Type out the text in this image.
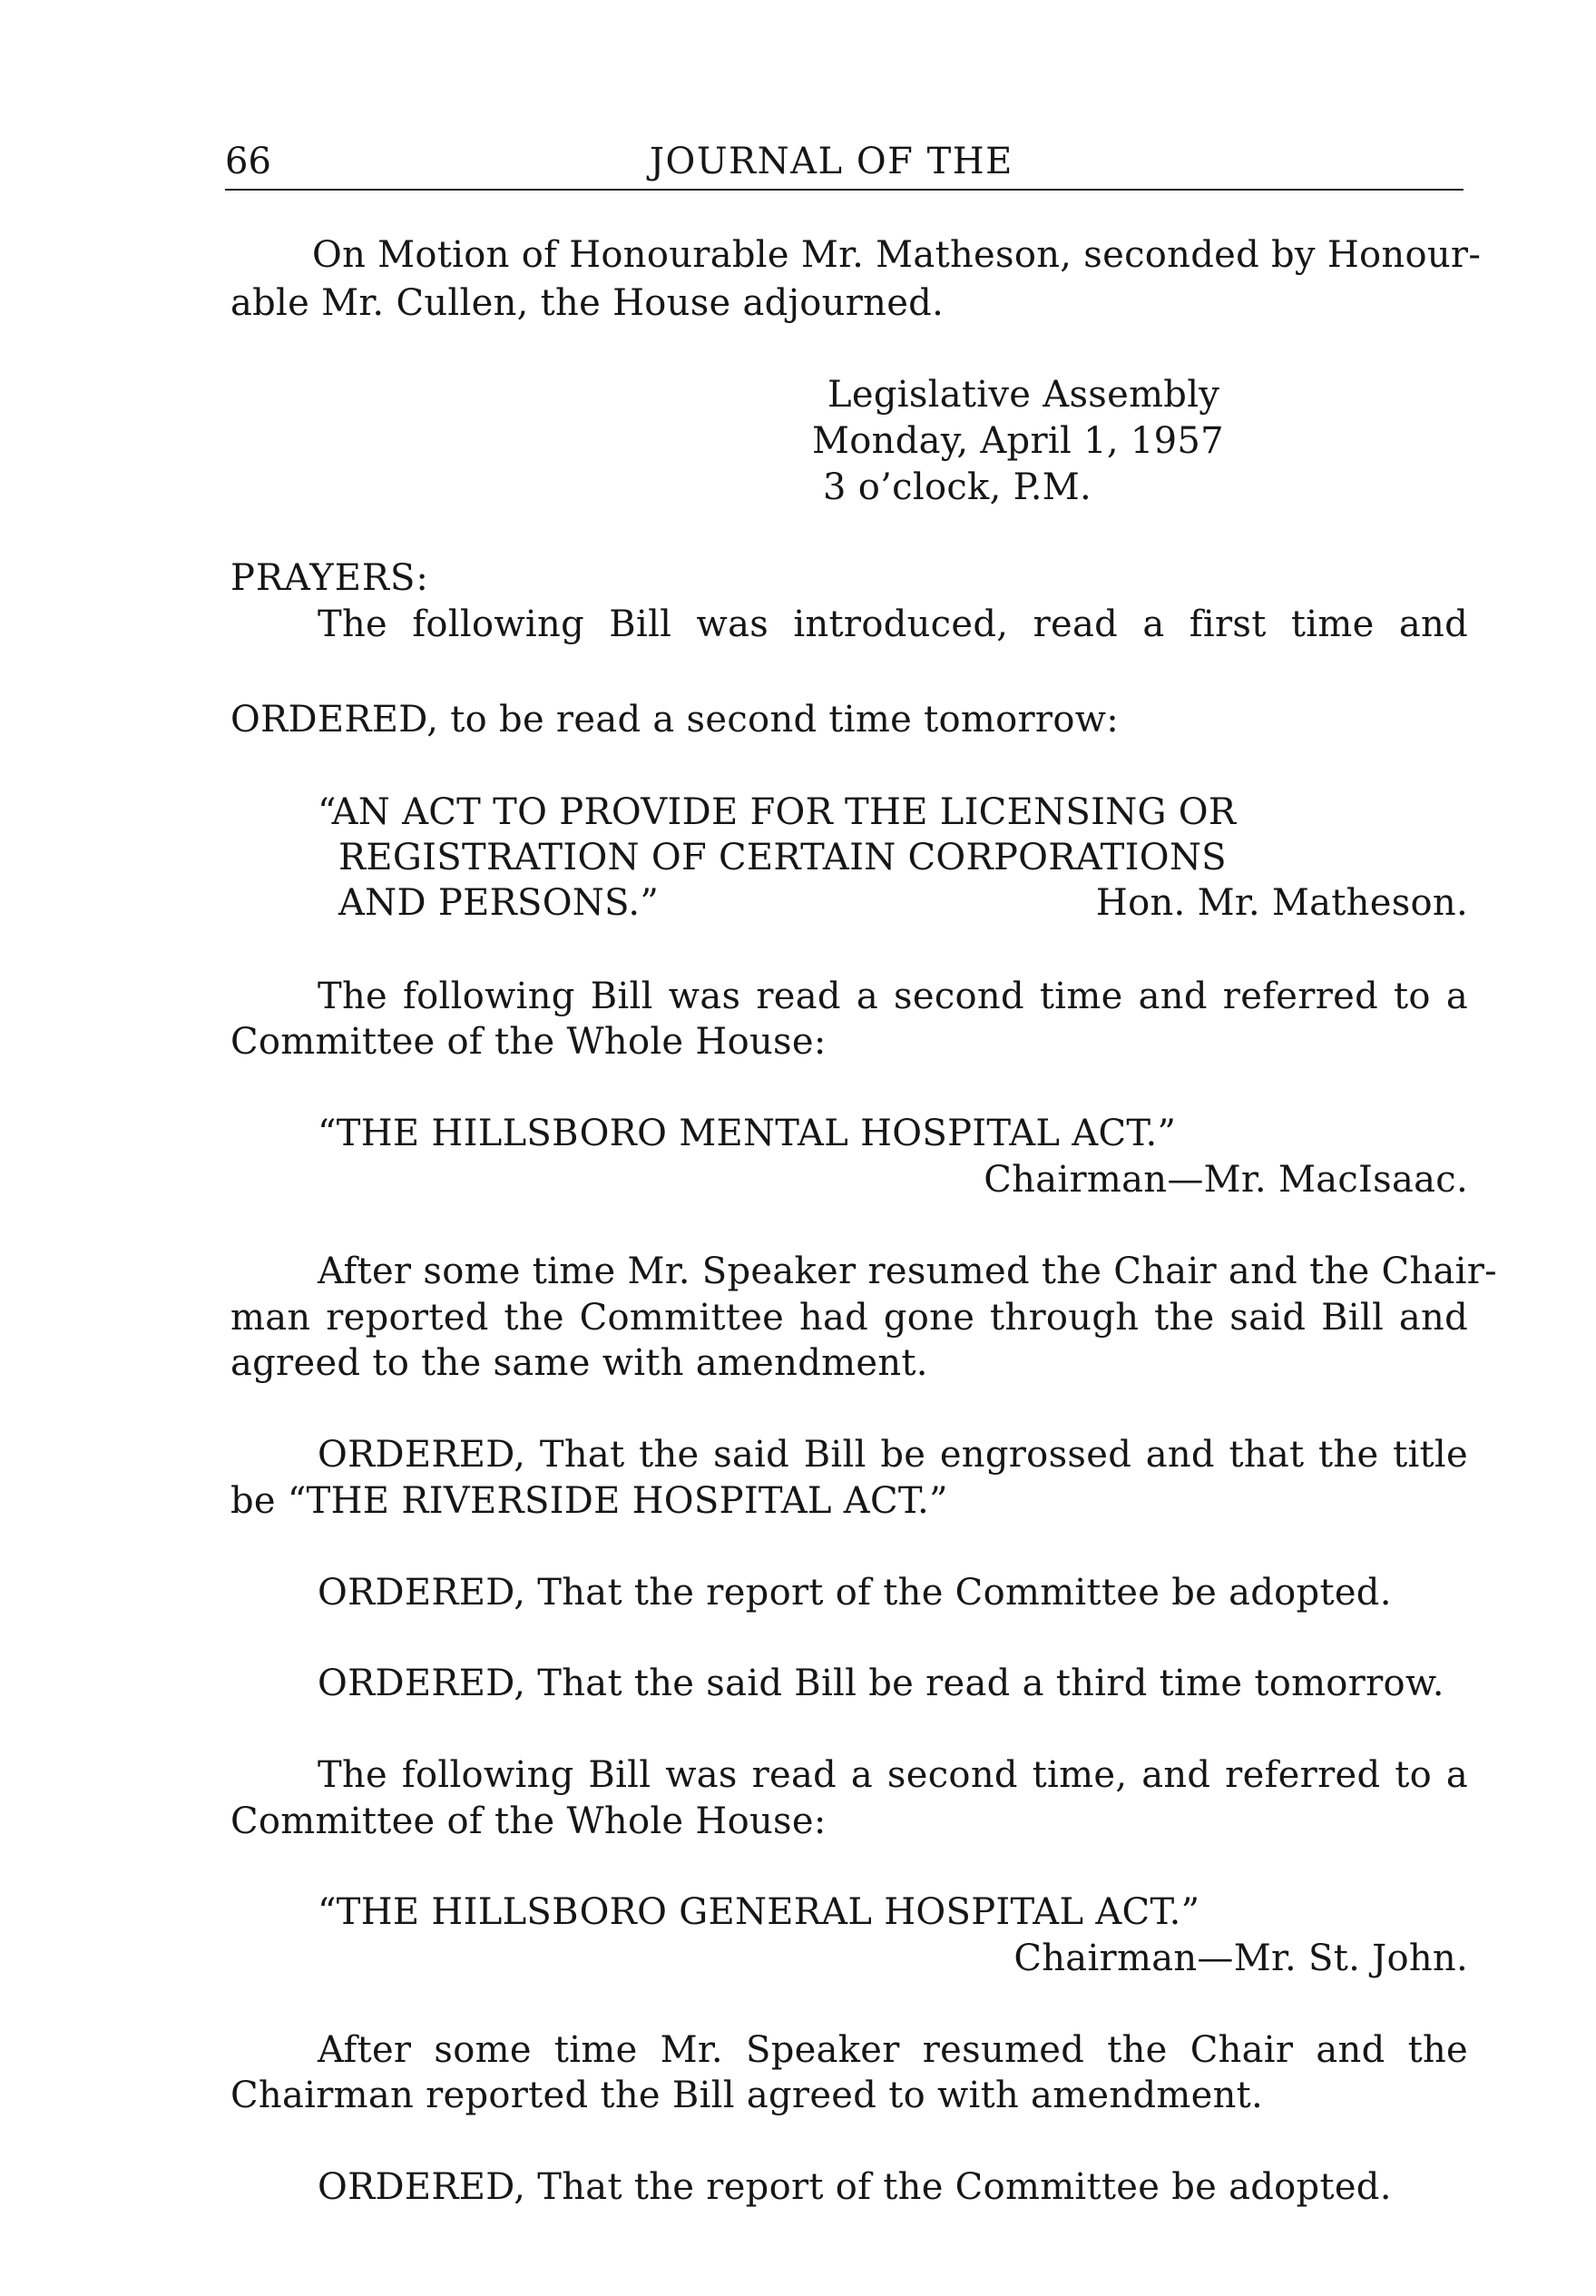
66	JOURNAL OF THE
On Motion of Honourable Mr. Matheson, seconded by Honour-
able Mr. Cullen, the House adjourned.
Legislative Assembly
Monday, April 1, 1957
3 o’clock, P.M.
PRAYERS:
The following Bill was introduced, read a first time and
ORDERED, to be read a second time tomorrow:
“AN ACT TO PROVIDE FOR THE LICENSING OR
REGISTRATION OF CERTAIN CORPORATIONS
AND PERSONS.”	Hon. Mr. Matheson.
The following Bill was read a second time and referred to a
Committee of the Whole House:
“THE HILLSBORO MENTAL HOSPITAL ACT.”
Chairman—Mr. MacIsaac.
After some time Mr. Speaker resumed the Chair and the Chair-
man reported the Committee had gone through the said Bill and
agreed to the same with amendment.
ORDERED, That the said Bill be engrossed and that the title
be “THE RIVERSIDE HOSPITAL ACT.”
ORDERED, That the report of the Committee be adopted.
ORDERED, That the said Bill be read a third time tomorrow.
The following Bill was read a second time, and referred to a
Committee of the Whole House:
“THE HILLSBORO GENERAL HOSPITAL ACT.”
Chairman—Mr. St. John.
After some time Mr. Speaker resumed the Chair and the
Chairman reported the Bill agreed to with amendment.
ORDERED, That the report of the Committee be adopted.
